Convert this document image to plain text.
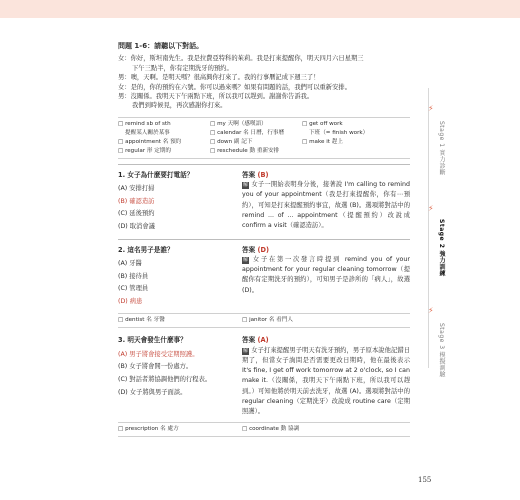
問題 1-6：請聽以下對話。

女：你好，斯坦南先生。我是拉費亞特科的茱莉。我是打來提醒你，明天四月六日星期三

下午三點半，你有定期洗牙的預約。

男：噢，天啊。是明天嗎？很高興你打來了。我的行事曆記成下週三了！

女：是的，你的預約在六號。你可以過來嗎？如果有問題的話，我們可以重新安排。

男：沒關係。我明天下午兩點下班，所以我可以趕到。謝謝你告訴我。

我們到時候見，再次感謝你打來。

□ remind sb of sth	□ my 天啊（感嘆語）	□ get off work
提醒某人關於某事	□ calendar 名 日曆，行事曆	下班（= finish work）
□ appointment 名 預約	□ down 副 記下	□ make it 趕上
□ regular 形 定期的	□ reschedule 動 重新安排
1. 女子為什麼要打電話？
(A) 安排打掃
(B) 確認造訪
(C) 延後預約
(D) 取消會議
答案 (B)
解 女子一開始表明身分後，接著說 I'm calling to remind you of your appointment（我是打來提醒你，你有⋯預約），可知是打來提醒預約事宜，故選 (B)。選項將對話中的 remind ... of ... appointment（提醒預約）改說成 confirm a visit（確認造訪）。
2. 這名男子是誰？
(A) 牙醫
(B) 接待員
(C) 管理員
(D) 病患
答案 (D)
解 女子在第一次發言時提到 remind you of your appointment for your regular cleaning tomorrow（提醒你有定期洗牙的預約），可知男子是診所的「病人」，故選 (D)。
□ dentist 名 牙醫	□ janitor 名 看門人
3. 明天會發生什麼事？
(A) 男子將會接受定期照護。
(B) 女子將會開一份處方。
(C) 對話者將協調他們的行程表。
(D) 女子將與男子面談。
答案 (A)
解 女子打來提醒男子明天有洗牙預約，男子原本說他記錯日期了，但當女子詢問是否需要更改日期時，他在最後表示 It's fine, I get off work tomorrow at 2 o'clock, so I can make it.（沒關係，我明天下午兩點下班，所以我可以趕到。）可知他將於明天前去洗牙，故選 (A)。選項將對話中的 regular cleaning（定期洗牙）改說成 routine care（定期照護）。
□ prescription 名 處方	□ coordinate 動 協調
⚡
Stage 1 實力診斷
⚡
Stage 2 強力訓練
⚡
Stage 3 模擬測驗
155
